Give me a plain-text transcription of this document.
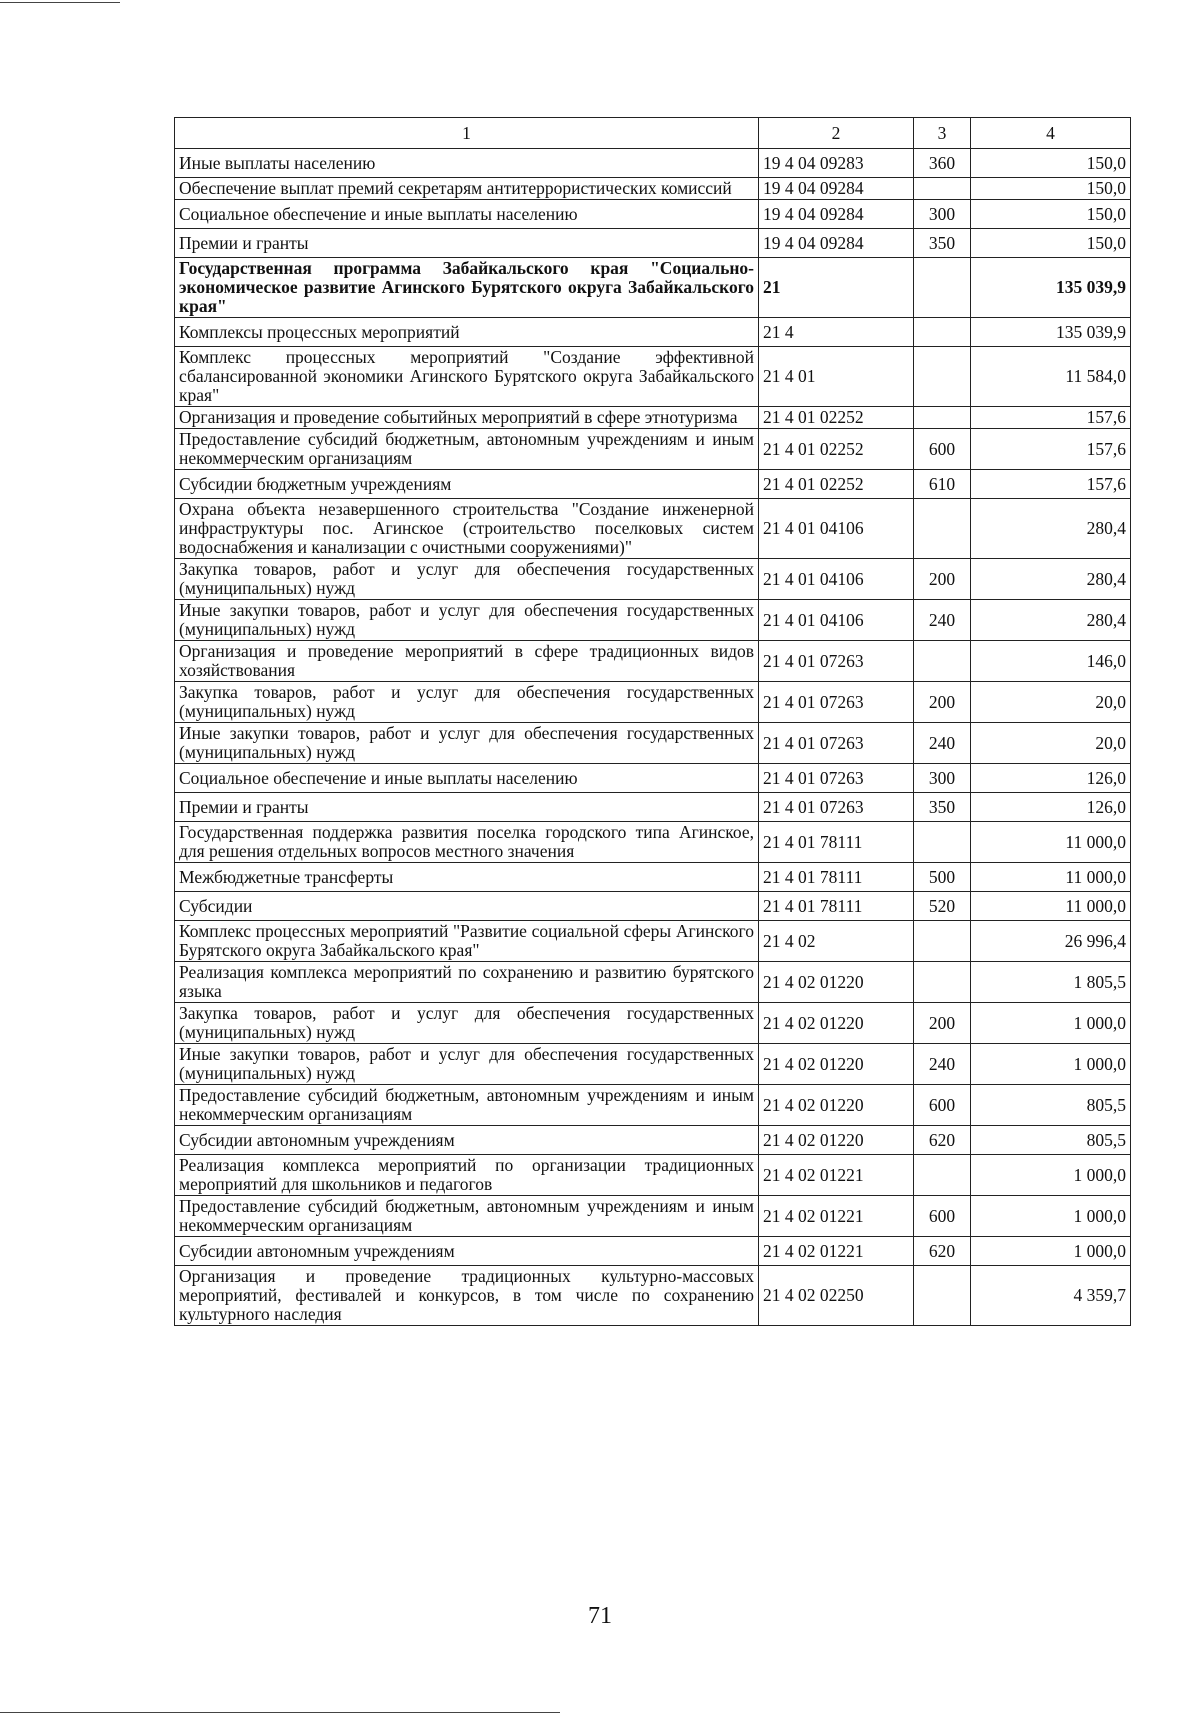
1	2	3	4
Иные выплаты населению	19 4 04 09283	360	150,0
Обеспечение выплат премий секретарям антитеррористических комиссий	19 4 04 09284		150,0
Социальное обеспечение и иные выплаты населению	19 4 04 09284	300	150,0
Премии и гранты	19 4 04 09284	350	150,0
Государственная программа Забайкальского края "Социально-экономическое развитие Агинского Бурятского округа Забайкальского края"	21		135 039,9
Комплексы процессных мероприятий	21 4		135 039,9
Комплекс процессных мероприятий "Создание эффективной сбалансированной экономики Агинского Бурятского округа Забайкальского края"	21 4 01		11 584,0
Организация и проведение событийных мероприятий в сфере этнотуризма	21 4 01 02252		157,6
Предоставление субсидий бюджетным, автономным учреждениям и иным некоммерческим организациям	21 4 01 02252	600	157,6
Субсидии бюджетным учреждениям	21 4 01 02252	610	157,6
Охрана объекта незавершенного строительства "Создание инженерной инфраструктуры пос. Агинское (строительство поселковых систем водоснабжения и канализации с очистными сооружениями)"	21 4 01 04106		280,4
Закупка товаров, работ и услуг для обеспечения государственных (муниципальных) нужд	21 4 01 04106	200	280,4
Иные закупки товаров, работ и услуг для обеспечения государственных (муниципальных) нужд	21 4 01 04106	240	280,4
Организация и проведение мероприятий в сфере традиционных видов хозяйствования	21 4 01 07263		146,0
Закупка товаров, работ и услуг для обеспечения государственных (муниципальных) нужд	21 4 01 07263	200	20,0
Иные закупки товаров, работ и услуг для обеспечения государственных (муниципальных) нужд	21 4 01 07263	240	20,0
Социальное обеспечение и иные выплаты населению	21 4 01 07263	300	126,0
Премии и гранты	21 4 01 07263	350	126,0
Государственная поддержка развития поселка городского типа Агинское, для решения отдельных вопросов местного значения	21 4 01 78111		11 000,0
Межбюджетные трансферты	21 4 01 78111	500	11 000,0
Субсидии	21 4 01 78111	520	11 000,0
Комплекс процессных мероприятий "Развитие социальной сферы Агинского Бурятского округа Забайкальского края"	21 4 02		26 996,4
Реализация комплекса мероприятий по сохранению и развитию бурятского языка	21 4 02 01220		1 805,5
Закупка товаров, работ и услуг для обеспечения государственных (муниципальных) нужд	21 4 02 01220	200	1 000,0
Иные закупки товаров, работ и услуг для обеспечения государственных (муниципальных) нужд	21 4 02 01220	240	1 000,0
Предоставление субсидий бюджетным, автономным учреждениям и иным некоммерческим организациям	21 4 02 01220	600	805,5
Субсидии автономным учреждениям	21 4 02 01220	620	805,5
Реализация комплекса мероприятий по организации традиционных мероприятий для школьников и педагогов	21 4 02 01221		1 000,0
Предоставление субсидий бюджетным, автономным учреждениям и иным некоммерческим организациям	21 4 02 01221	600	1 000,0
Субсидии автономным учреждениям	21 4 02 01221	620	1 000,0
Организация и проведение традиционных культурно-массовых мероприятий, фестивалей и конкурсов, в том числе по сохранению культурного наследия	21 4 02 02250		4 359,7
71
